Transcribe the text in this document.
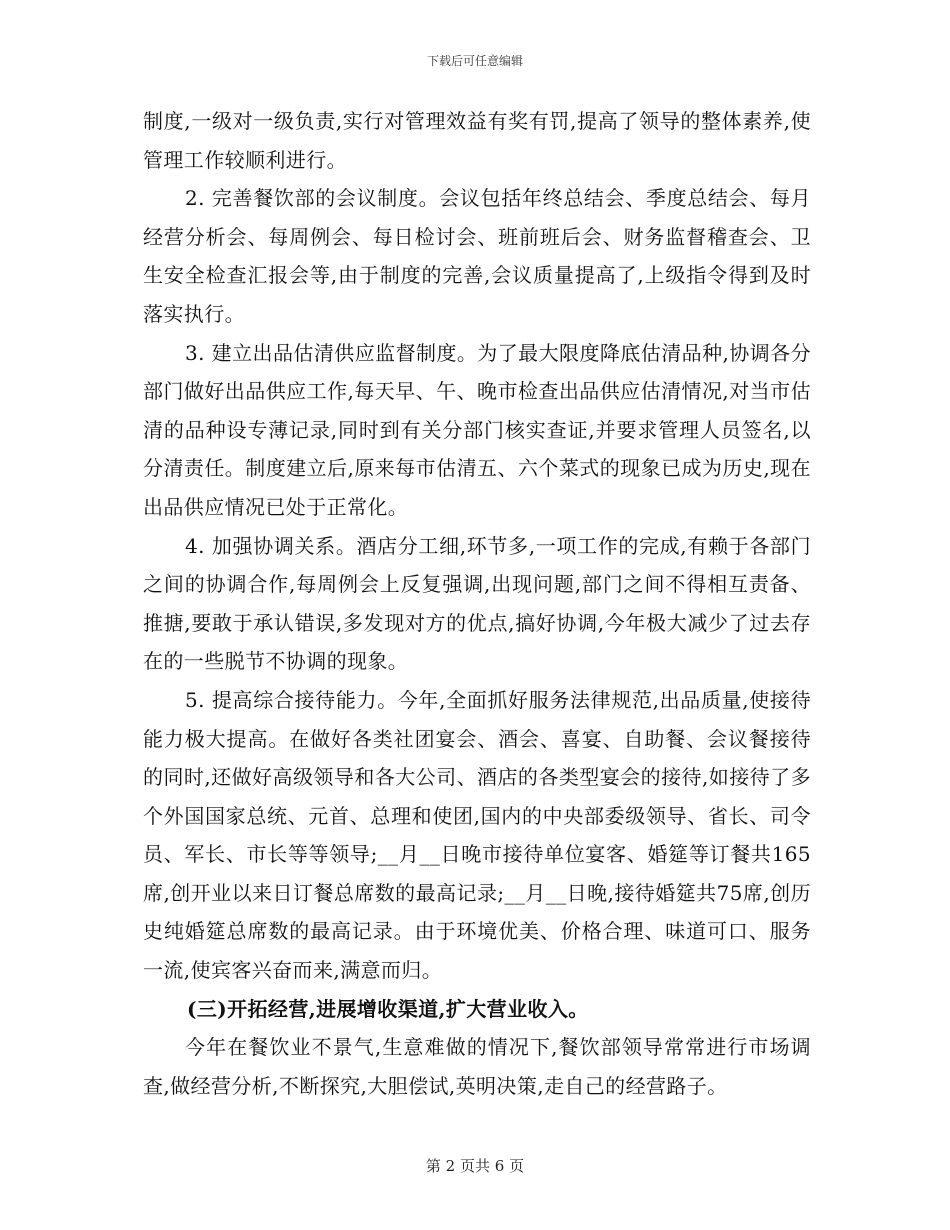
下载后可任意编辑

制度,一级对一级负责,实行对管理效益有奖有罚,提高了领导的整体素养,使管理工作较顺利进行。

2. 完善餐饮部的会议制度。会议包括年终总结会、季度总结会、每月经营分析会、每周例会、每日检讨会、班前班后会、财务监督稽查会、卫生安全检查汇报会等,由于制度的完善,会议质量提高了,上级指令得到及时落实执行。

3. 建立出品估清供应监督制度。为了最大限度降底估清品种,协调各分部门做好出品供应工作,每天早、午、晚市检查出品供应估清情况,对当市估清的品种设专薄记录,同时到有关分部门核实查证,并要求管理人员签名,以分清责任。制度建立后,原来每市估清五、六个菜式的现象已成为历史,现在出品供应情况已处于正常化。

4. 加强协调关系。酒店分工细,环节多,一项工作的完成,有赖于各部门之间的协调合作,每周例会上反复强调,出现问题,部门之间不得相互责备、推搪,要敢于承认错误,多发现对方的优点,搞好协调,今年极大减少了过去存在的一些脱节不协调的现象。

5. 提高综合接待能力。今年,全面抓好服务法律规范,出品质量,使接待能力极大提高。在做好各类社团宴会、酒会、喜宴、自助餐、会议餐接待的同时,还做好高级领导和各大公司、酒店的各类型宴会的接待,如接待了多个外国国家总统、元首、总理和使团,国内的中央部委级领导、省长、司令员、军长、市长等等领导;__月__日晚市接待单位宴客、婚筵等订餐共165席,创开业以来日订餐总席数的最高记录;__月__日晚,接待婚筵共75席,创历史纯婚筵总席数的最高记录。由于环境优美、价格合理、味道可口、服务一流,使宾客兴奋而来,满意而归。

(三)开拓经营,进展增收渠道,扩大营业收入。

今年在餐饮业不景气,生意难做的情况下,餐饮部领导常常进行市场调查,做经营分析,不断探究,大胆偿试,英明决策,走自己的经营路子。

第 2 页共 6 页
